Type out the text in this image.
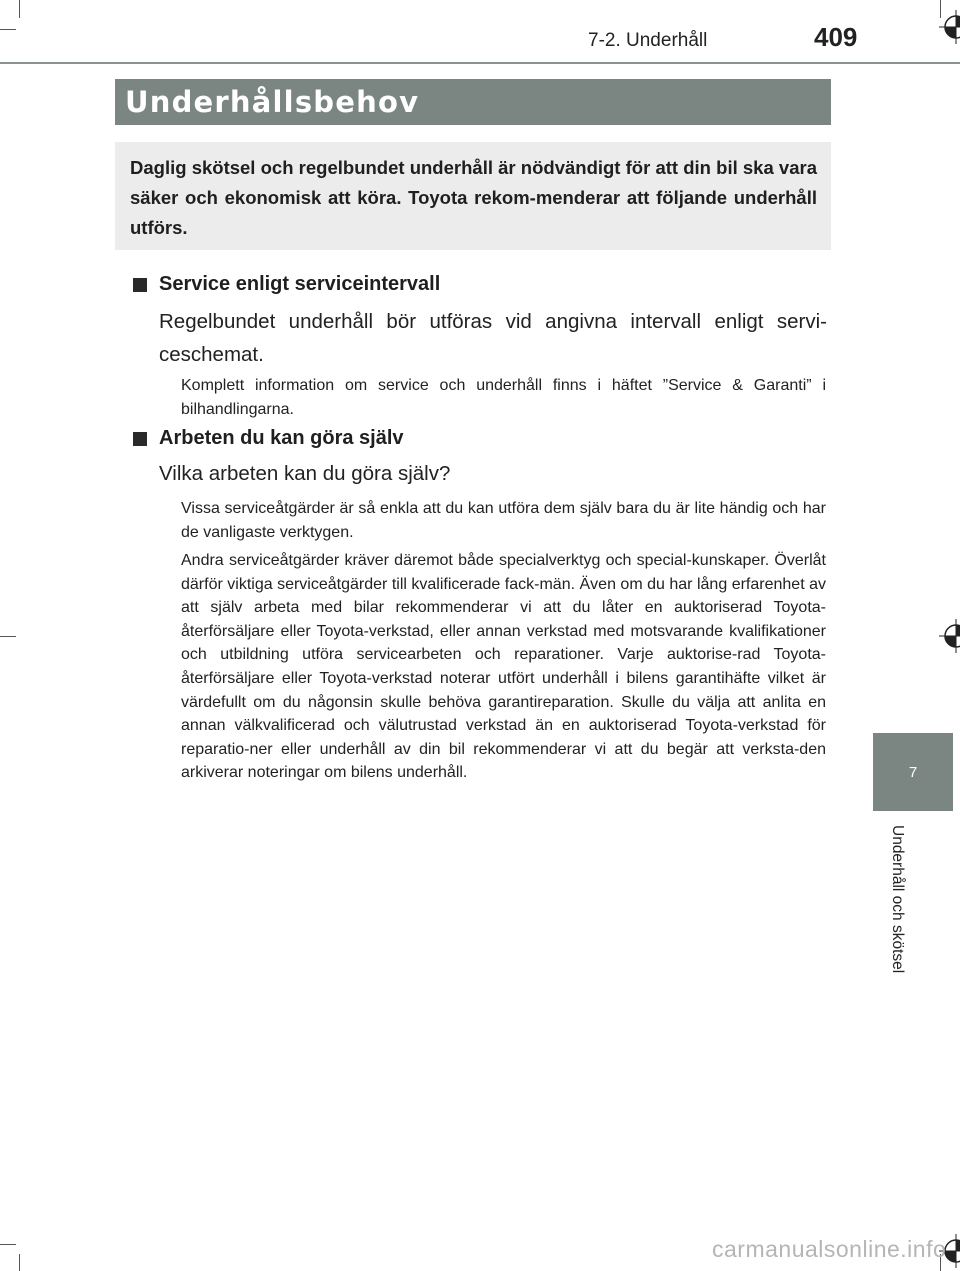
7-2. Underhåll	409
Underhållsbehov

Daglig skötsel och regelbundet underhåll är nödvändigt för att din bil ska vara säker och ekonomisk att köra. Toyota rekom-menderar att följande underhåll utförs.

Service enligt serviceintervall
Regelbundet underhåll bör utföras vid angivna intervall enligt servi-ceschemat.
Komplett information om service och underhåll finns i häftet ”Service & Garanti” i bilhandlingarna.
Arbeten du kan göra själv
Vilka arbeten kan du göra själv?
Vissa serviceåtgärder är så enkla att du kan utföra dem själv bara du är lite händig och har de vanligaste verktygen.
Andra serviceåtgärder kräver däremot både specialverktyg och special-kunskaper. Överlåt därför viktiga serviceåtgärder till kvalificerade fack-män. Även om du har lång erfarenhet av att själv arbeta med bilar rekommenderar vi att du låter en auktoriserad Toyota-återförsäljare eller Toyota-verkstad, eller annan verkstad med motsvarande kvalifikationer och utbildning utföra servicearbeten och reparationer. Varje auktorise-rad Toyota-återförsäljare eller Toyota-verkstad noterar utfört underhåll i bilens garantihäfte vilket är värdefullt om du någonsin skulle behöva garantireparation. Skulle du välja att anlita en annan välkvalificerad och välutrustad verkstad än en auktoriserad Toyota-verkstad för reparatio-ner eller underhåll av din bil rekommenderar vi att du begär att verksta-den arkiverar noteringar om bilens underhåll.	7
Underhåll och skötsel
carmanualsonline.info
